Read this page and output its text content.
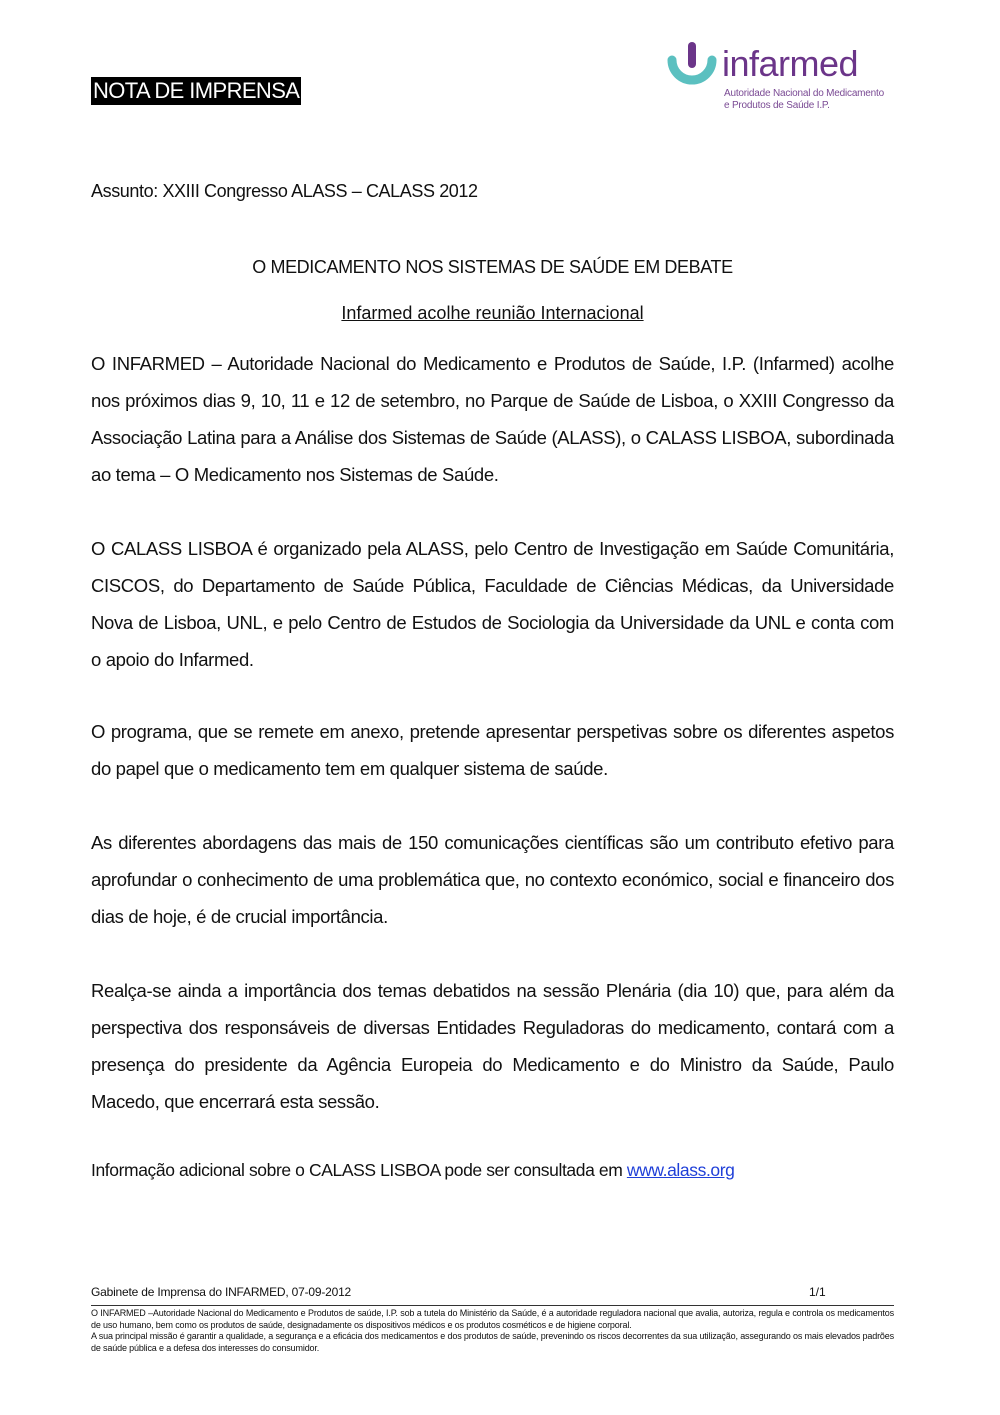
NOTA DE IMPRENSA
infarmed
Autoridade Nacional do Medicamento
e Produtos de Saúde I.P.
Assunto: XXIII Congresso ALASS – CALASS 2012
O MEDICAMENTO NOS SISTEMAS DE SAÚDE EM DEBATE
Infarmed acolhe reunião Internacional

O INFARMED – Autoridade Nacional do Medicamento e Produtos de Saúde, I.P. (Infarmed) acolhe nos próximos dias 9, 10, 11 e 12 de setembro, no Parque de Saúde de Lisboa, o XXIII Congresso da Associação Latina para a Análise dos Sistemas de Saúde (ALASS), o CALASS LISBOA, subordinada ao tema – O Medicamento nos Sistemas de Saúde.

O CALASS LISBOA é organizado pela ALASS, pelo Centro de Investigação em Saúde Comunitária, CISCOS, do Departamento de Saúde Pública, Faculdade de Ciências Médicas, da Universidade Nova de Lisboa, UNL, e pelo Centro de Estudos de Sociologia da Universidade da UNL e conta com o apoio do Infarmed.

O programa, que se remete em anexo, pretende apresentar perspetivas sobre os diferentes aspetos do papel que o medicamento tem em qualquer sistema de saúde.

As diferentes abordagens das mais de 150 comunicações científicas são um contributo efetivo para aprofundar o conhecimento de uma problemática que, no contexto económico, social e financeiro dos dias de hoje, é de crucial importância.

Realça-se ainda a importância dos temas debatidos na sessão Plenária (dia 10) que, para além da perspectiva dos responsáveis de diversas Entidades Reguladoras do medicamento, contará com a presença do presidente da Agência Europeia do Medicamento e do Ministro da Saúde, Paulo Macedo, que encerrará esta sessão.

Informação adicional sobre o CALASS LISBOA pode ser consultada em www.alass.org
Gabinete de Imprensa do INFARMED, 07-09-2012	1/1

O INFARMED –Autoridade Nacional do Medicamento e Produtos de saúde, I.P. sob a tutela do Ministério da Saúde, é a autoridade reguladora nacional que avalia, autoriza, regula e controla os medicamentos de uso humano, bem como os produtos de saúde, designadamente os dispositivos médicos e os produtos cosméticos e de higiene corporal.

A sua principal missão é garantir a qualidade, a segurança e a eficácia dos medicamentos e dos produtos de saúde, prevenindo os riscos decorrentes da sua utilização, assegurando os mais elevados padrões de saúde pública e a defesa dos interesses do consumidor.
